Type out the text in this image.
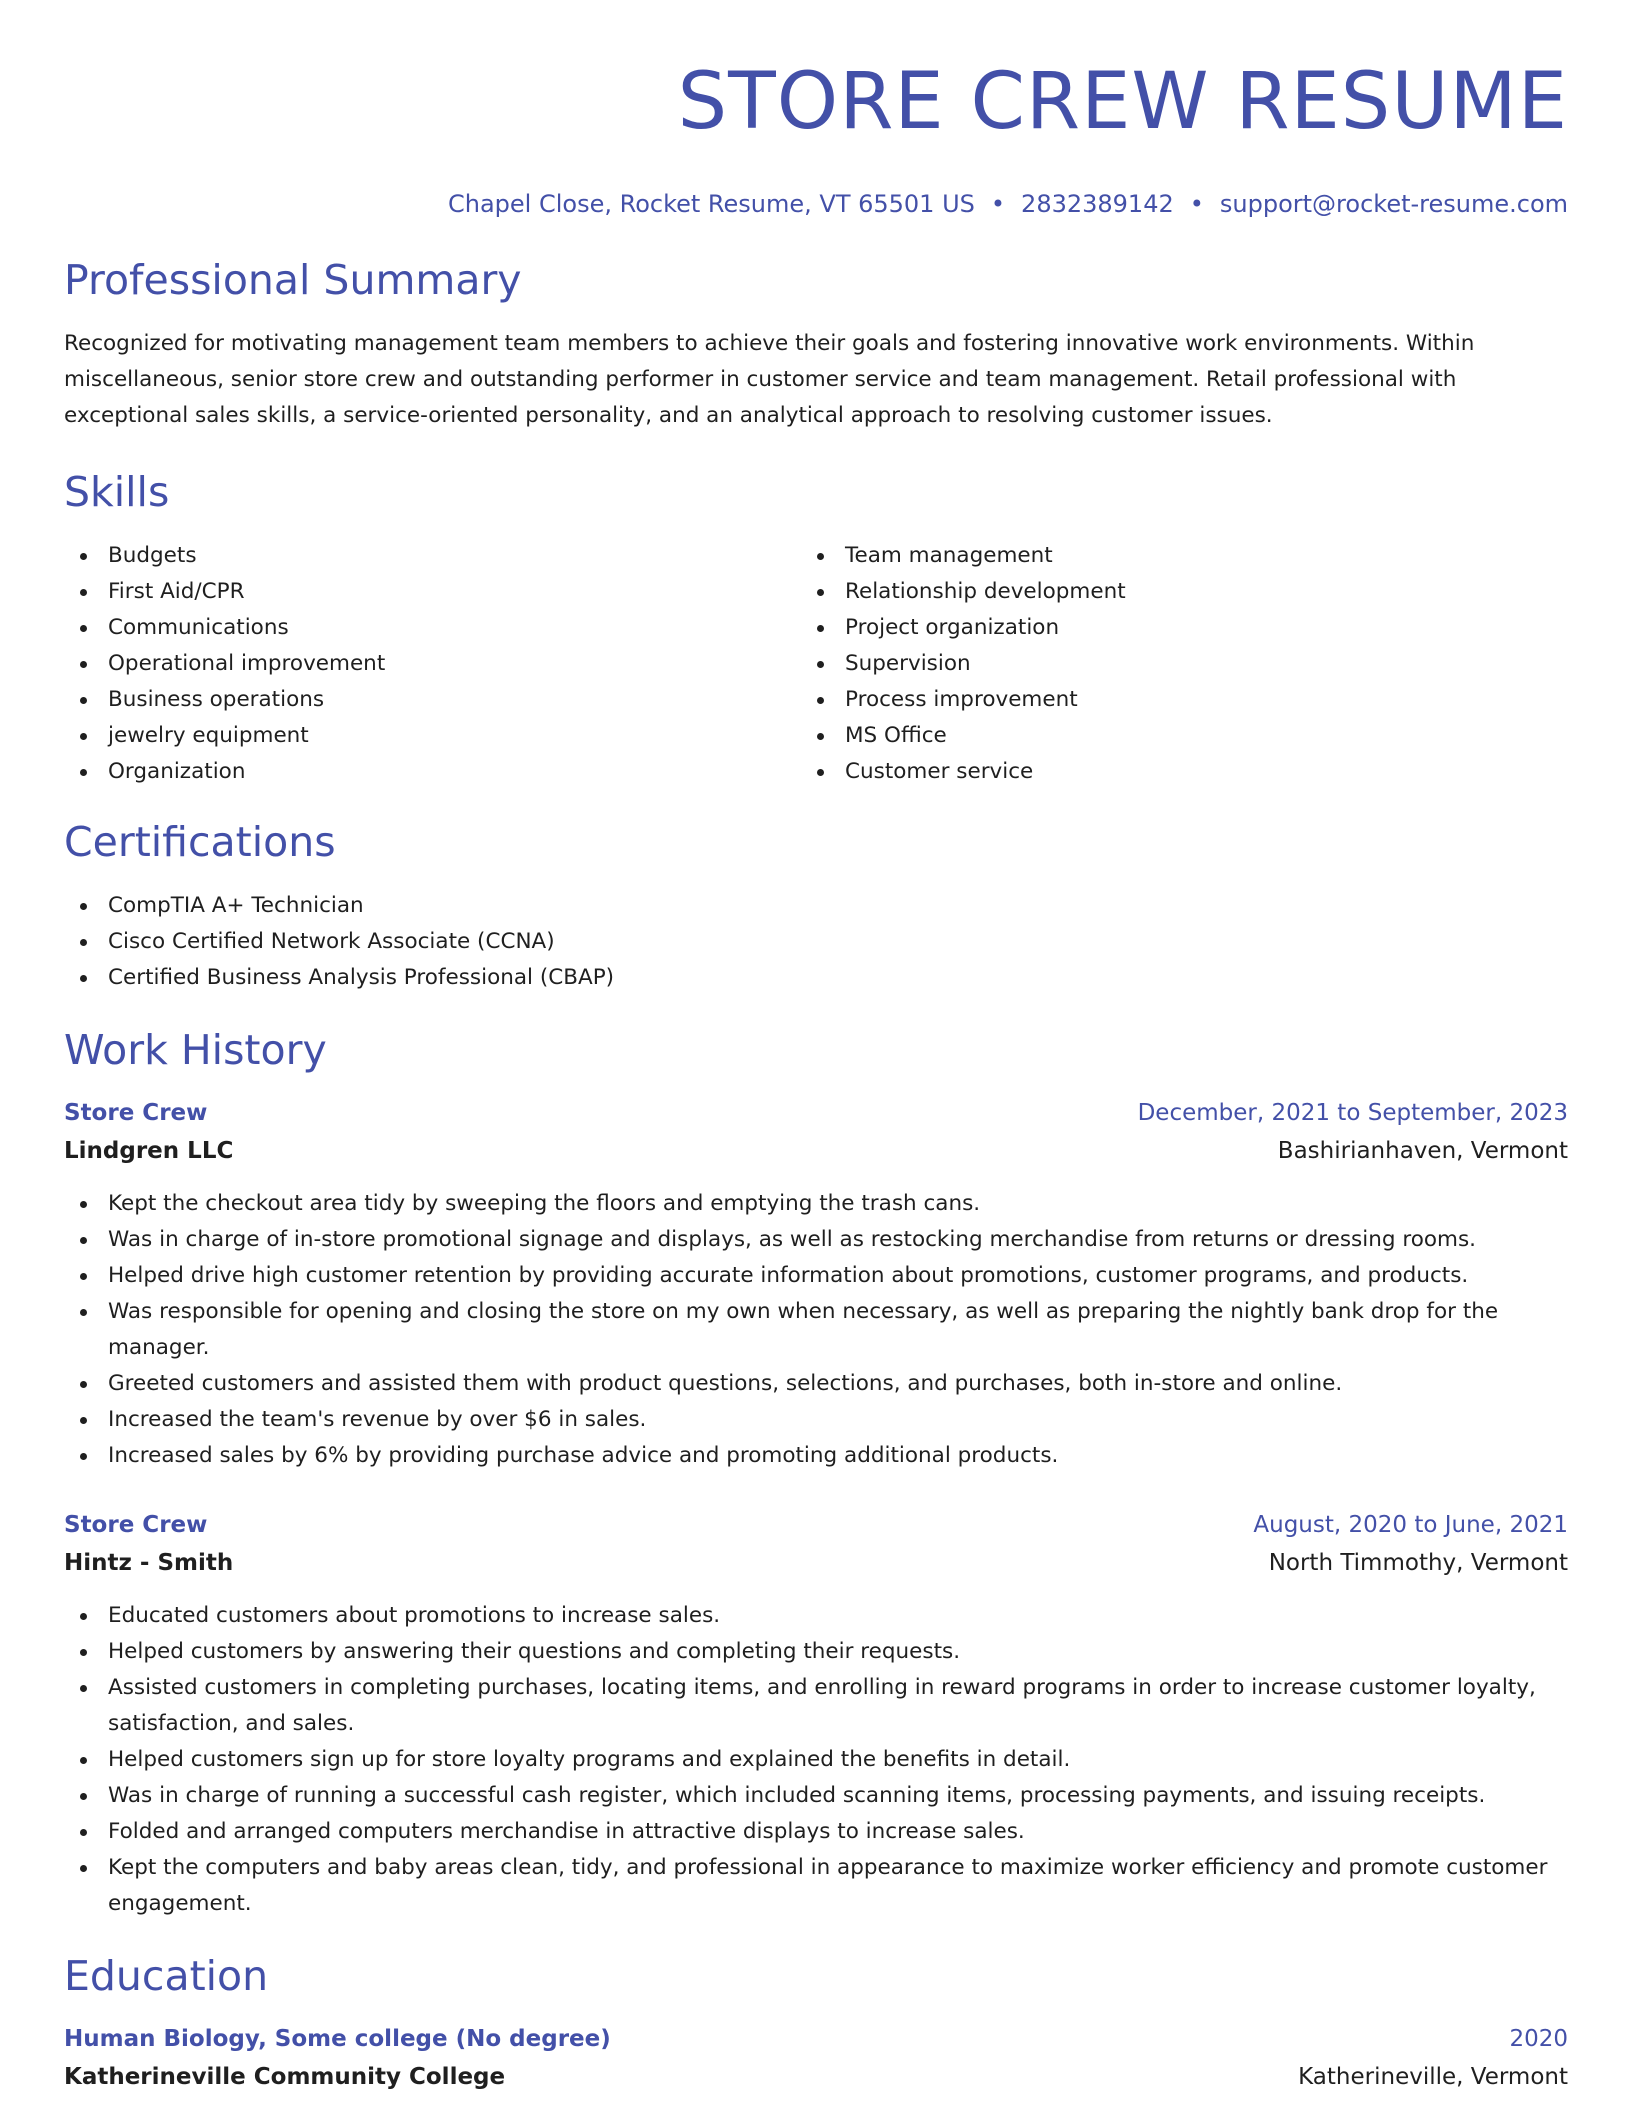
STORE CREW RESUME
Chapel Close, Rocket Resume, VT 65501 US • 2832389142 • support@rocket-resume.com
Professional Summary

Recognized for motivating management team members to achieve their goals and fostering innovative work environments. Within miscellaneous, senior store crew and outstanding performer in customer service and team management. Retail professional with exceptional sales skills, a service-oriented personality, and an analytical approach to resolving customer issues.

Skills
Budgets
First Aid/CPR
Communications
Operational improvement
Business operations
jewelry equipment
Organization
Team management
Relationship development
Project organization
Supervision
Process improvement
MS Office
Customer service
Certifications
CompTIA A+ Technician
Cisco Certified Network Associate (CCNA)
Certified Business Analysis Professional (CBAP)
Work History
Store Crew	December, 2021 to September, 2023
Lindgren LLC	Bashirianhaven, Vermont
Kept the checkout area tidy by sweeping the floors and emptying the trash cans.
Was in charge of in-store promotional signage and displays, as well as restocking merchandise from returns or dressing rooms.
Helped drive high customer retention by providing accurate information about promotions, customer programs, and products.
Was responsible for opening and closing the store on my own when necessary, as well as preparing the nightly bank drop for the manager.
Greeted customers and assisted them with product questions, selections, and purchases, both in-store and online.
Increased the team's revenue by over $6 in sales.
Increased sales by 6% by providing purchase advice and promoting additional products.
Store Crew	August, 2020 to June, 2021
Hintz - Smith	North Timmothy, Vermont
Educated customers about promotions to increase sales.
Helped customers by answering their questions and completing their requests.
Assisted customers in completing purchases, locating items, and enrolling in reward programs in order to increase customer loyalty, satisfaction, and sales.
Helped customers sign up for store loyalty programs and explained the benefits in detail.
Was in charge of running a successful cash register, which included scanning items, processing payments, and issuing receipts.
Folded and arranged computers merchandise in attractive displays to increase sales.
Kept the computers and baby areas clean, tidy, and professional in appearance to maximize worker efficiency and promote customer engagement.
Education
Human Biology, Some college (No degree)	2020
Katherineville Community College	Katherineville, Vermont
